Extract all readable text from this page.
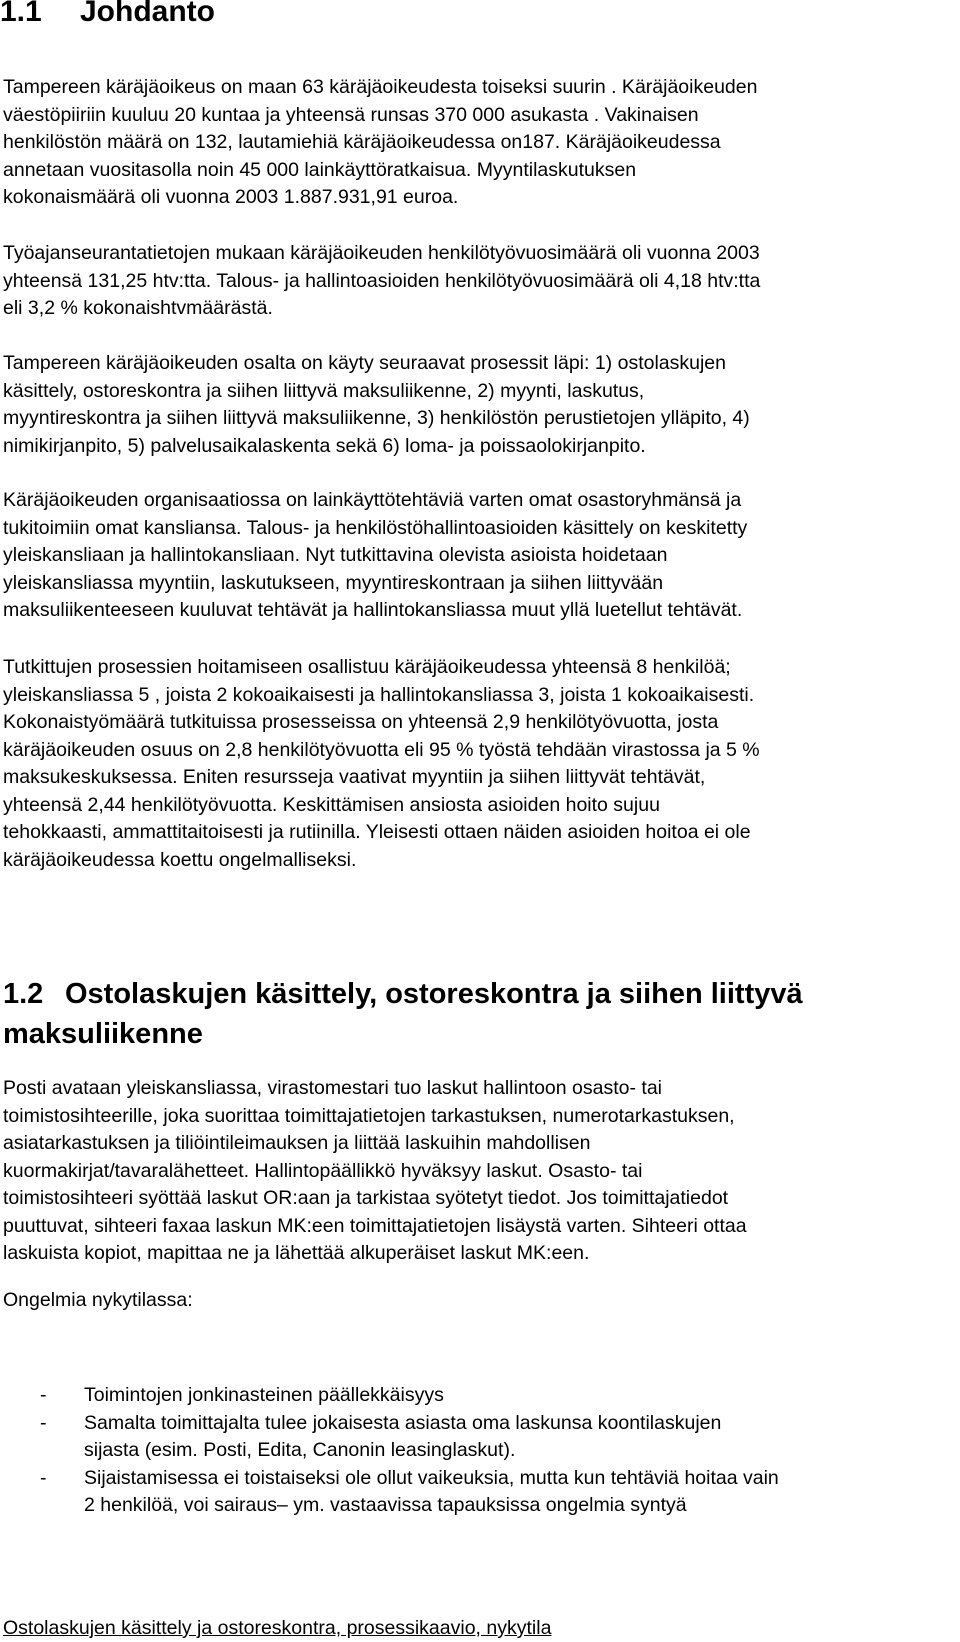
1.1 Johdanto

Tampereen käräjäoikeus on maan 63 käräjäoikeudesta toiseksi suurin . Käräjäoikeuden
väestöpiiriin kuuluu 20 kuntaa ja yhteensä runsas 370 000 asukasta . Vakinaisen
henkilöstön määrä on 132, lautamiehiä käräjäoikeudessa on187. Käräjäoikeudessa
annetaan vuositasolla noin 45 000 lainkäyttöratkaisua. Myyntilaskutuksen
kokonaismäärä oli vuonna 2003 1.887.931,91 euroa.

Työajanseurantatietojen mukaan käräjäoikeuden henkilötyövuosimäärä oli vuonna 2003
yhteensä 131,25 htv:tta. Talous- ja hallintoasioiden henkilötyövuosimäärä oli 4,18 htv:tta
eli 3,2 % kokonaishtvmäärästä.

Tampereen käräjäoikeuden osalta on käyty seuraavat prosessit läpi: 1) ostolaskujen
käsittely, ostoreskontra ja siihen liittyvä maksuliikenne, 2) myynti, laskutus,
myyntireskontra ja siihen liittyvä maksuliikenne, 3) henkilöstön perustietojen ylläpito, 4)
nimikirjanpito, 5) palvelusaikalaskenta sekä 6) loma- ja poissaolokirjanpito.

Käräjäoikeuden organisaatiossa on lainkäyttötehtäviä varten omat osastoryhmänsä ja
tukitoimiin omat kansliansa. Talous- ja henkilöstöhallintoasioiden käsittely on keskitetty
yleiskansliaan ja hallintokansliaan. Nyt tutkittavina olevista asioista hoidetaan
yleiskansliassa myyntiin, laskutukseen, myyntireskontraan ja siihen liittyvään
maksuliikenteeseen kuuluvat tehtävät ja hallintokansliassa muut yllä luetellut tehtävät.

Tutkittujen prosessien hoitamiseen osallistuu käräjäoikeudessa yhteensä 8 henkilöä;
yleiskansliassa 5 , joista 2 kokoaikaisesti ja hallintokansliassa 3, joista 1 kokoaikaisesti.
Kokonaistyömäärä tutkituissa prosesseissa on yhteensä 2,9 henkilötyövuotta, josta
käräjäoikeuden osuus on 2,8 henkilötyövuotta eli 95 % työstä tehdään virastossa ja 5 %
maksukeskuksessa. Eniten resursseja vaativat myyntiin ja siihen liittyvät tehtävät,
yhteensä 2,44 henkilötyövuotta. Keskittämisen ansiosta asioiden hoito sujuu
tehokkaasti, ammattitaitoisesti ja rutiinilla. Yleisesti ottaen näiden asioiden hoitoa ei ole
käräjäoikeudessa koettu ongelmalliseksi.

1.2 Ostolaskujen käsittely, ostoreskontra ja siihen liittyvä
maksuliikenne

Posti avataan yleiskansliassa, virastomestari tuo laskut hallintoon osasto- tai
toimistosihteerille, joka suorittaa toimittajatietojen tarkastuksen, numerotarkastuksen,
asiatarkastuksen ja tiliöintileimauksen ja liittää laskuihin mahdollisen
kuormakirjat/tavaralähetteet. Hallintopäällikkö hyväksyy laskut. Osasto- tai
toimistosihteeri syöttää laskut OR:aan ja tarkistaa syötetyt tiedot. Jos toimittajatiedot
puuttuvat, sihteeri faxaa laskun MK:een toimittajatietojen lisäystä varten. Sihteeri ottaa
laskuista kopiot, mapittaa ne ja lähettää alkuperäiset laskut MK:een.

Ongelmia nykytilassa:

- Toimintojen jonkinasteinen päällekkäisyys
- Samalta toimittajalta tulee jokaisesta asiasta oma laskunsa koontilaskujen
sijasta (esim. Posti, Edita, Canonin leasinglaskut).
- Sijaistamisessa ei toistaiseksi ole ollut vaikeuksia, mutta kun tehtäviä hoitaa vain
2 henkilöä, voi sairaus– ym. vastaavissa tapauksissa ongelmia syntyä
Ostolaskujen käsittely ja ostoreskontra, prosessikaavio, nykytila
